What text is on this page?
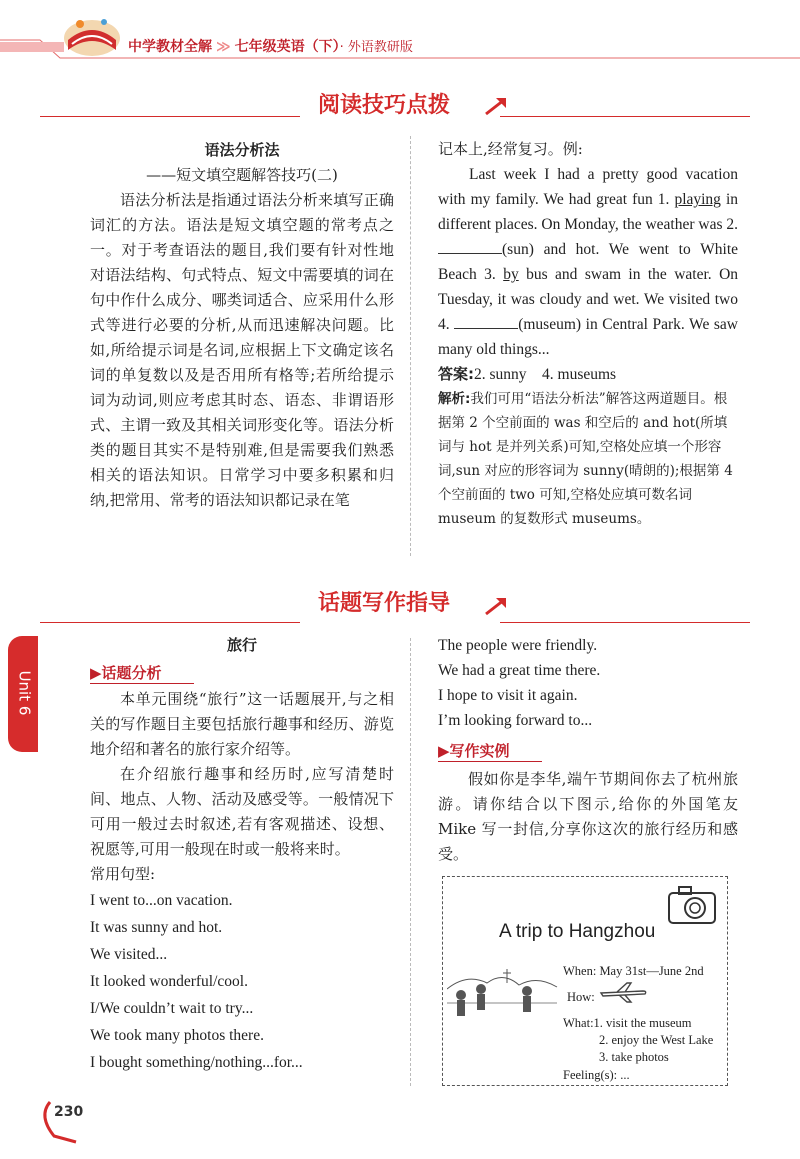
中学教材全解 ≫ 七年级英语（下）· 外语教研版
阅读技巧点拨
语法分析法
——短文填空题解答技巧(二)

语法分析法是指通过语法分析来填写正确词汇的方法。语法是短文填空题的常考点之一。对于考查语法的题目,我们要有针对性地对语法结构、句式特点、短文中需要填的词在句中作什么成分、哪类词适合、应采用什么形式等进行必要的分析,从而迅速解决问题。比如,所给提示词是名词,应根据上下文确定该名词的单复数以及是否用所有格等;若所给提示词为动词,则应考虑其时态、语态、非谓语形式、主谓一致及其相关词形变化等。语法分析类的题目其实不是特别难,但是需要我们熟悉相关的语法知识。日常学习中要多积累和归纳,把常用、常考的语法知识都记录在笔

记本上,经常复习。例:
Last week I had a pretty good vacation with my family. We had great fun 1. playing in different places. On Monday, the weather was 2. (sun) and hot. We went to White Beach 3. by bus and swam in the water. On Tuesday, it was cloudy and wet. We visited two 4.	(museum) in Central Park. We saw many old things...
答案:2. sunny　4. museums
解析:我们可用“语法分析法”解答这两道题目。根据第 2 个空前面的 was 和空后的 and hot(所填词与 hot 是并列关系)可知,空格处应填一个形容词,sun 对应的形容词为 sunny(晴朗的);根据第 4 个空前面的 two 可知,空格处应填可数名词 museum 的复数形式 museums。
话题写作指导
Unit 6
旅行
▶话题分析

本单元围绕“旅行”这一话题展开,与之相关的写作题目主要包括旅行趣事和经历、游览地介绍和著名的旅行家介绍等。

在介绍旅行趣事和经历时,应写清楚时间、地点、人物、活动及感受等。一般情况下可用一般过去时叙述,若有客观描述、设想、祝愿等,可用一般现在时或一般将来时。

常用句型:
I went to...on vacation.
It was sunny and hot.
We visited...
It looked wonderful/cool.
I/We couldn’t wait to try...
We took many photos there.
I bought something/nothing...for...
The people were friendly.
We had a great time there.
I hope to visit it again.
I’m looking forward to...
▶写作实例

假如你是李华,端午节期间你去了杭州旅游。请你结合以下图示,给你的外国笔友 Mike 写一封信,分享你这次的旅行经历和感受。

A trip to Hangzhou
When: May 31st—June 2nd
How:
What:1. visit the museum
2. enjoy the West Lake
3. take photos
Feeling(s): ...
230
